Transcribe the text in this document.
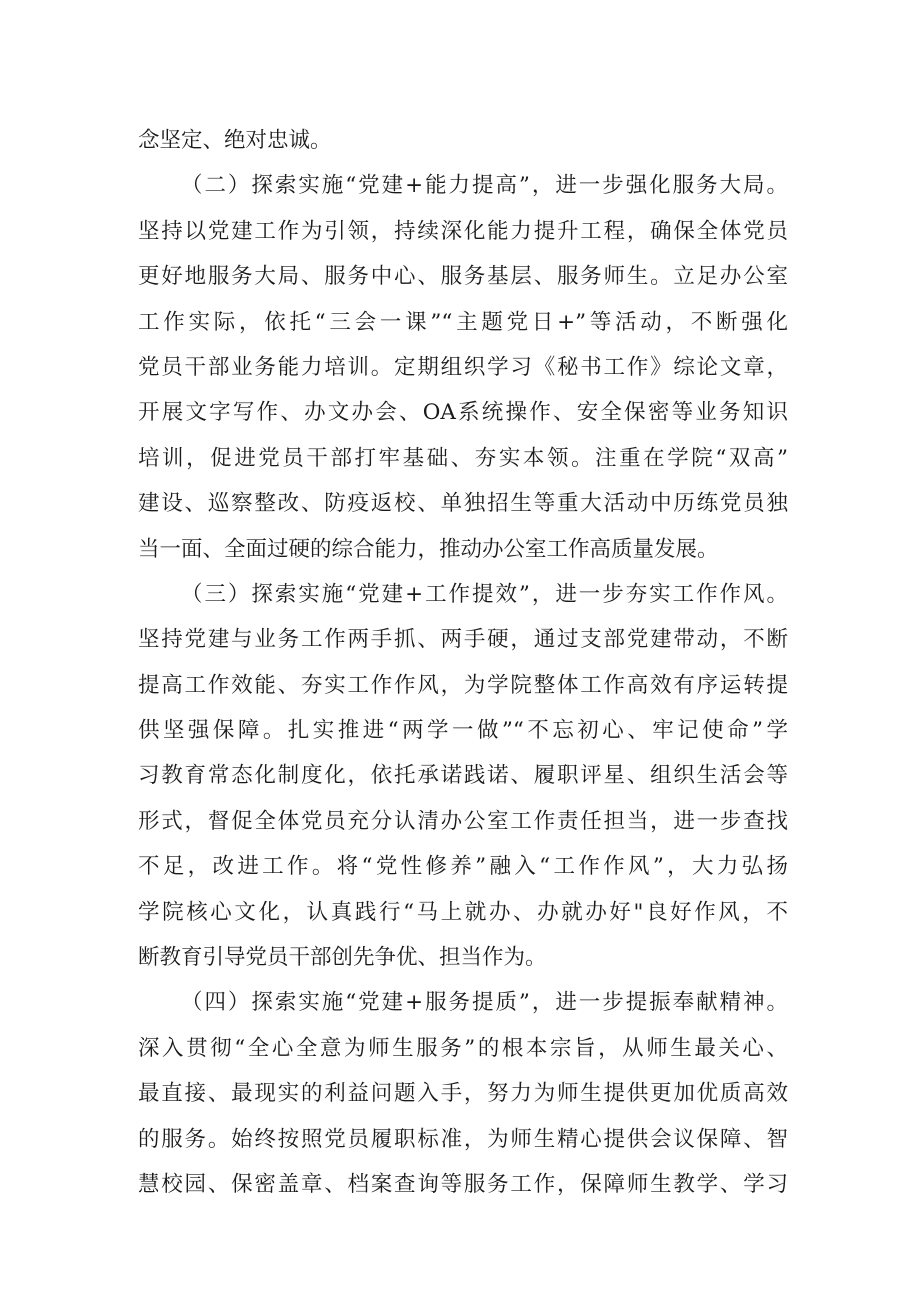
念坚定、绝对忠诚。
（二）探索实施“党建+能力提高”，进一步强化服务大局。
坚持以党建工作为引领，持续深化能力提升工程，确保全体党员
更好地服务大局、服务中心、服务基层、服务师生。立足办公室
工作实际，依托“三会一课”“主题党日+”等活动，不断强化
党员干部业务能力培训。定期组织学习《秘书工作》综论文章，
开展文字写作、办文办会、OA系统操作、安全保密等业务知识
培训，促进党员干部打牢基础、夯实本领。注重在学院“双高”
建设、巡察整改、防疫返校、单独招生等重大活动中历练党员独
当一面、全面过硬的综合能力，推动办公室工作高质量发展。
（三）探索实施“党建+工作提效”，进一步夯实工作作风。
坚持党建与业务工作两手抓、两手硬，通过支部党建带动，不断
提高工作效能、夯实工作作风，为学院整体工作高效有序运转提
供坚强保障。扎实推进“两学一做”“不忘初心、牢记使命”学
习教育常态化制度化，依托承诺践诺、履职评星、组织生活会等
形式，督促全体党员充分认清办公室工作责任担当，进一步查找
不足，改进工作。将“党性修养”融入“工作作风”，大力弘扬
学院核心文化，认真践行“马上就办、办就办好"良好作风，不
断教育引导党员干部创先争优、担当作为。
（四）探索实施“党建+服务提质”，进一步提振奉献精神。
深入贯彻“全心全意为师生服务”的根本宗旨，从师生最关心、
最直接、最现实的利益问题入手，努力为师生提供更加优质高效
的服务。始终按照党员履职标准，为师生精心提供会议保障、智
慧校园、保密盖章、档案查询等服务工作，保障师生教学、学习
